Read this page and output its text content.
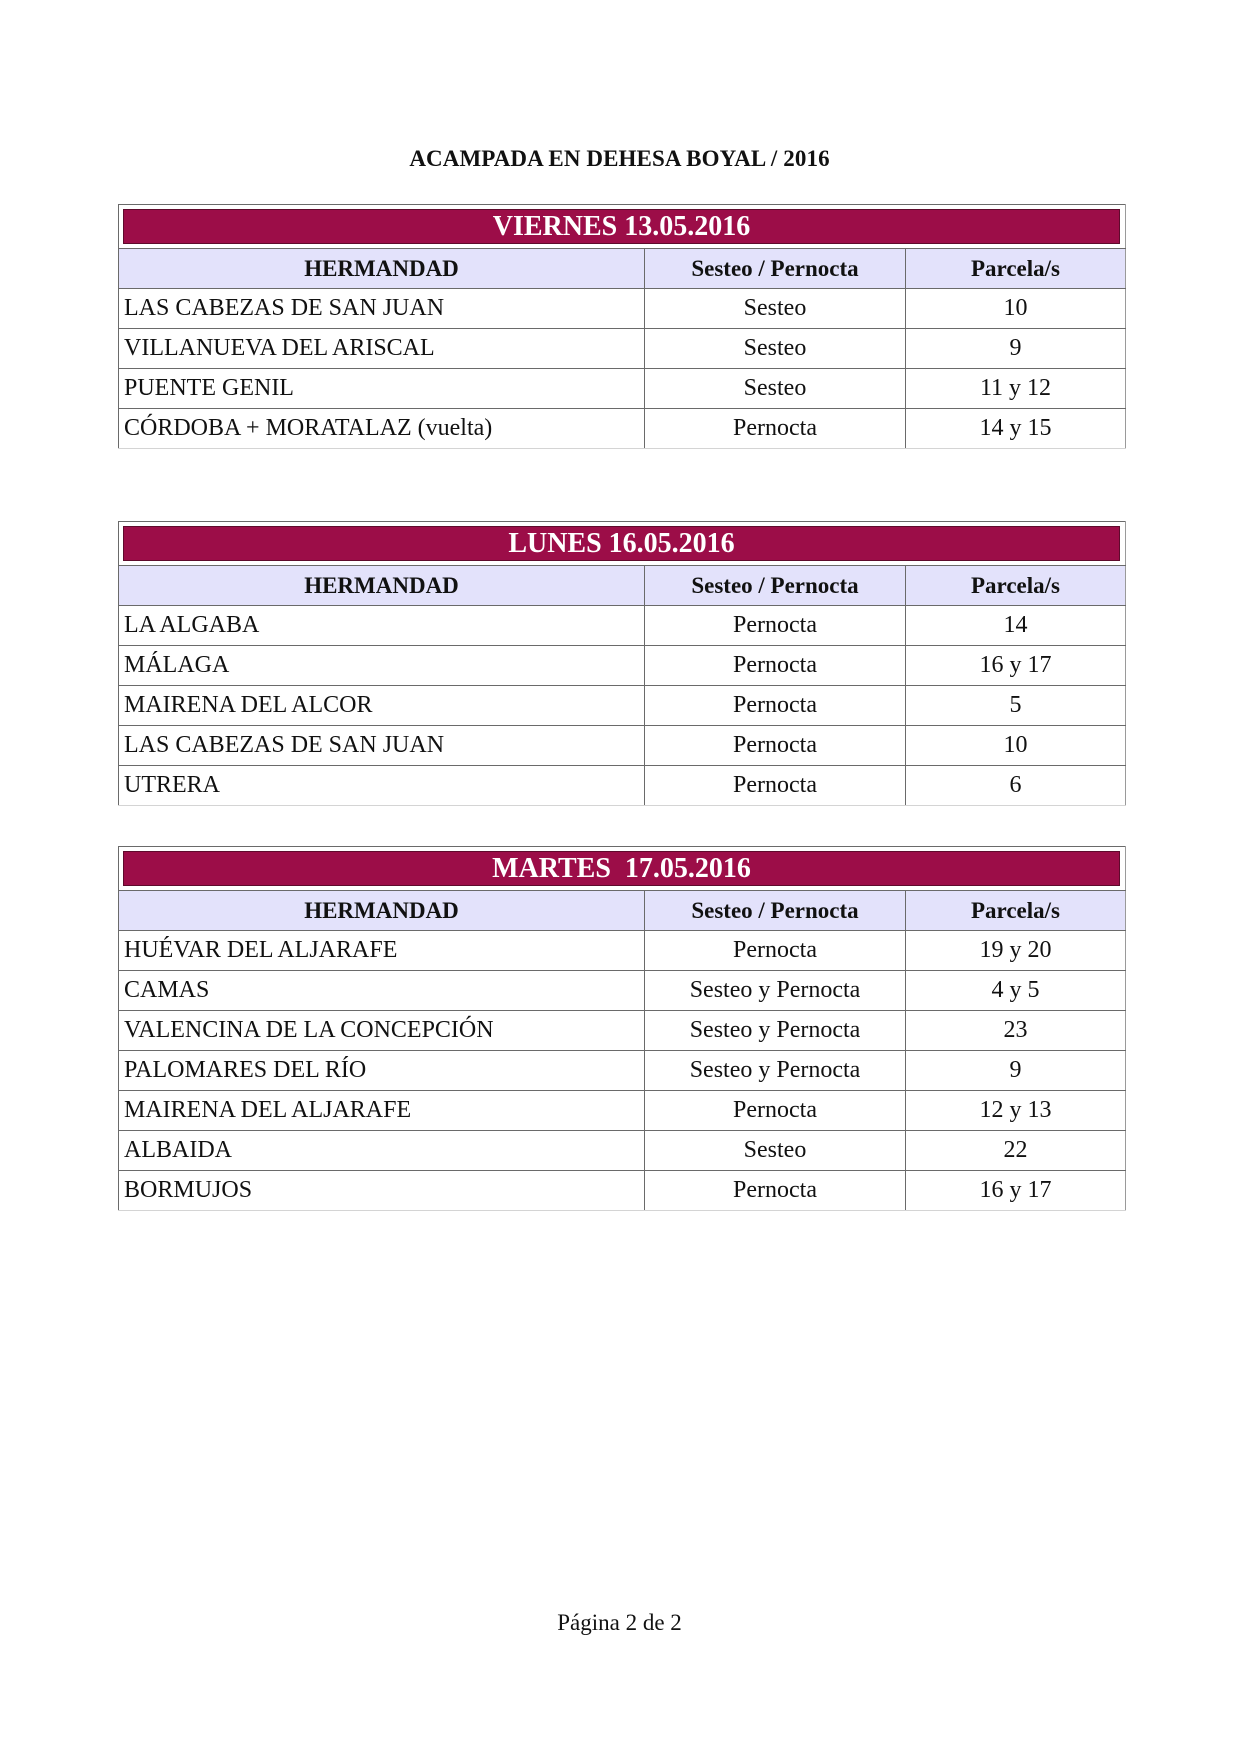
ACAMPADA EN DEHESA BOYAL / 2016
VIERNES 13.05.2016		

HERMANDAD	Sesteo / Pernocta	Parcela/s
LAS CABEZAS DE SAN JUAN	Sesteo	10
VILLANUEVA DEL ARISCAL	Sesteo	9
PUENTE GENIL	Sesteo	11 y 12
CÓRDOBA + MORATALAZ (vuelta)	Pernocta	14 y 15
LUNES 16.05.2016		

HERMANDAD	Sesteo / Pernocta	Parcela/s
LA ALGABA	Pernocta	14
MÁLAGA	Pernocta	16 y 17
MAIRENA DEL ALCOR	Pernocta	5
LAS CABEZAS DE SAN JUAN	Pernocta	10
UTRERA	Pernocta	6
MARTES  17.05.2016		

HERMANDAD	Sesteo / Pernocta	Parcela/s
HUÉVAR DEL ALJARAFE	Pernocta	19 y 20
CAMAS	Sesteo y Pernocta	4 y 5
VALENCINA DE LA CONCEPCIÓN	Sesteo y Pernocta	23
PALOMARES DEL RÍO	Sesteo y Pernocta	9
MAIRENA DEL ALJARAFE	Pernocta	12 y 13
ALBAIDA	Sesteo	22
BORMUJOS	Pernocta	16 y 17
Página 2 de 2
